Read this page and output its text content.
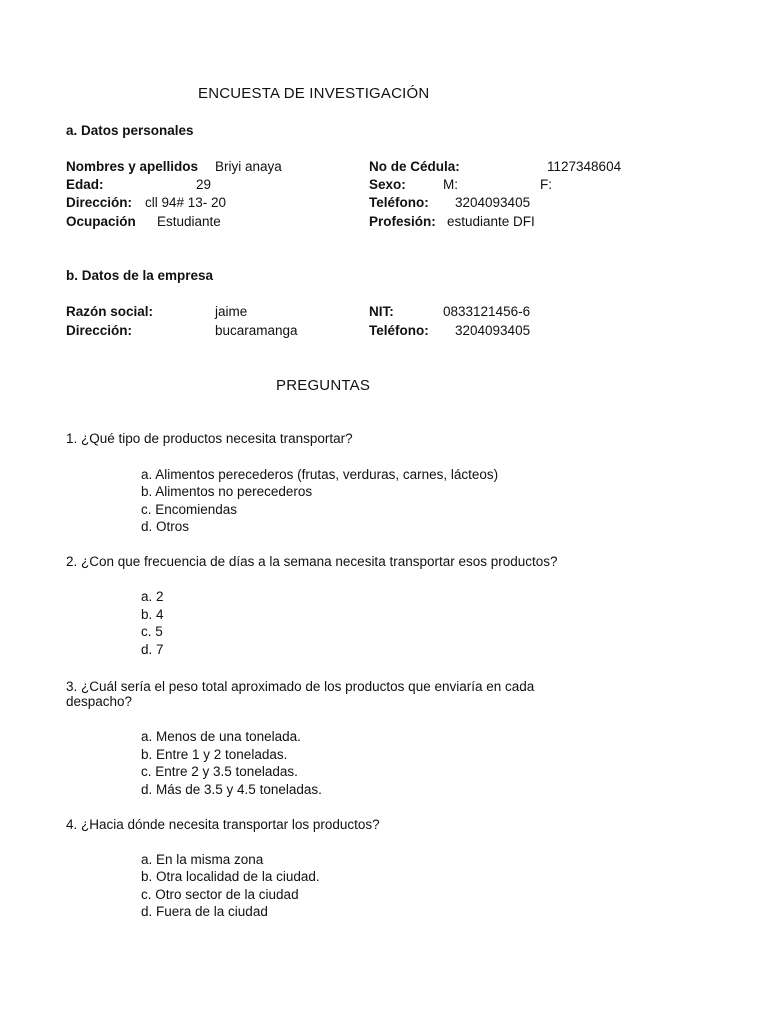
ENCUESTA DE INVESTIGACIÓN
a. Datos personales
Nombres y apellidos	Briyi anaya	No de Cédula:	1127348604
Edad:	29	Sexo:	M:	F:
Dirección: cll 94# 13- 20	Teléfono: 3204093405
Ocupación	Estudiante	Profesión: estudiante DFI
b. Datos de la empresa
Razón social:	jaime	NIT:	0833121456-6
Dirección:	bucaramanga	Teléfono: 3204093405
PREGUNTAS
1. ¿Qué tipo de productos necesita transportar?
a. Alimentos perecederos (frutas, verduras, carnes, lácteos)
b. Alimentos no perecederos
c. Encomiendas
d. Otros
2. ¿Con que frecuencia de días a la semana necesita transportar esos productos?
a. 2
b. 4
c. 5
d. 7
3. ¿Cuál sería el peso total aproximado de los productos que enviaría en cada
despacho?
a. Menos de una tonelada.
b. Entre 1 y 2 toneladas.
c. Entre 2 y 3.5 toneladas.
d. Más de 3.5 y 4.5 toneladas.
4. ¿Hacia dónde necesita transportar los productos?
a. En la misma zona
b. Otra localidad de la ciudad.
c. Otro sector de la ciudad
d. Fuera de la ciudad
